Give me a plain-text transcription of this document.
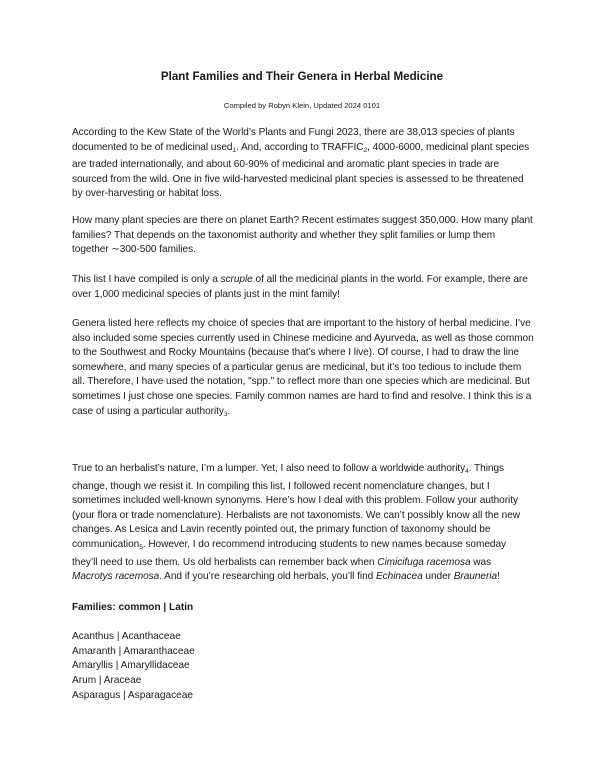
Plant Families and Their Genera in Herbal Medicine

Compiled by Robyn Klein, Updated 2024 0101

According to the Kew State of the World’s Plants and Fungi 2023, there are 38,013 species of plants documented to be of medicinal used$_1$. And, according to $TRAFFIC_2$, 4000-6000, medicinal plant species are traded internationally, and about 60-90% of medicinal and aromatic plant species in trade are sourced from the wild. One in five wild-harvested medicinal plant species is assessed to be threatened by over-harvesting or habitat loss.

How many plant species are there on planet Earth? Recent estimates suggest 350,000. How many plant families? That depends on the taxonomist authority and whether they split families or lump them together ∼300-500 families.

This list I have compiled is only a scruple of all the medicinal plants in the world. For example, there are over 1,000 medicinal species of plants just in the mint family!

Genera listed here reflects my choice of species that are important to the history of herbal medicine. I’ve also included some species currently used in Chinese medicine and Ayurveda, as well as those common to the Southwest and Rocky Mountains (because that’s where I live). Of course, I had to draw the line somewhere, and many species of a particular genus are medicinal, but it’s too tedious to include them all. Therefore, I have used the notation, "spp." to reflect more than one species which are medicinal. But sometimes I just chose one species. Family common names are hard to find and resolve. I think this is a case of using a particular authority$_3$.

True to an herbalist’s nature, I’m a lumper. Yet, I also need to follow a worldwide authority$_4$. Things change, though we resist it. In compiling this list, I followed recent nomenclature changes, but I sometimes included well-known synonyms. Here’s how I deal with this problem. Follow your authority (your flora or trade nomenclature). Herbalists are not taxonomists. We can’t possibly know all the new changes. As Lesica and Lavin recently pointed out, the primary function of taxonomy should be communication$_5$. However, I do recommend introducing students to new names because someday they’ll need to use them. Us old herbalists can remember back when Cimicifuga racemosa was Macrotys racemosa. And if you’re researching old herbals, you’ll find Echinacea under Brauneria!

Families: common | Latin

Acanthus | Acanthaceae
Amaranth | Amaranthaceae
Amaryllis | Amaryllidaceae
Arum | Araceae
Asparagus | Asparagaceae
